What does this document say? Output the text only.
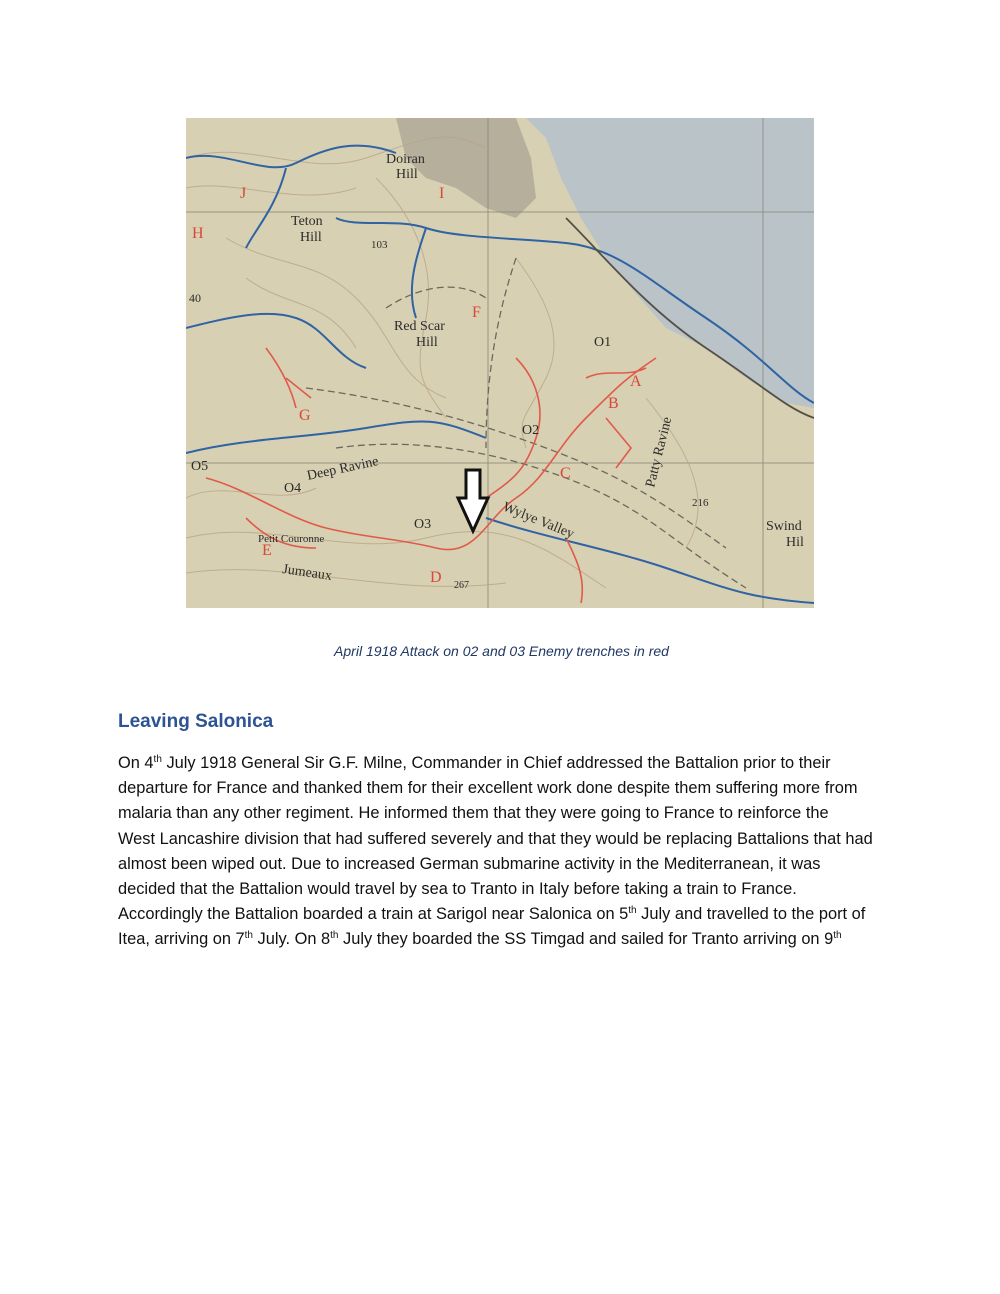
Doiran
Hill
Teton
Hill	103
Red Scar
Hill	O1
O2
O3
O4
O5	Deep Ravine
Petit Couronne
Jumeaux
Wylye Valley
Patty Ravine
216
Swind
Hil
267
H
40
J	I
F
G
A
B
C
D
E
April 1918 Attack on 02 and 03 Enemy trenches in red
Leaving Salonica
On 4th July 1918 General Sir G.F. Milne, Commander in Chief addressed the Battalion prior to their
departure for France and thanked them for their excellent work done despite them suffering more from
malaria than any other regiment. He informed them that they were going to France to reinforce the
West Lancashire division that had suffered severely and that they would be replacing Battalions that had
almost been wiped out. Due to increased German submarine activity in the Mediterranean, it was
decided that the Battalion would travel by sea to Tranto in Italy before taking a train to France.
Accordingly the Battalion boarded a train at Sarigol near Salonica on 5th July and travelled to the port of
Itea, arriving on 7th July. On 8th July they boarded the SS Timgad and sailed for Tranto arriving on 9th
